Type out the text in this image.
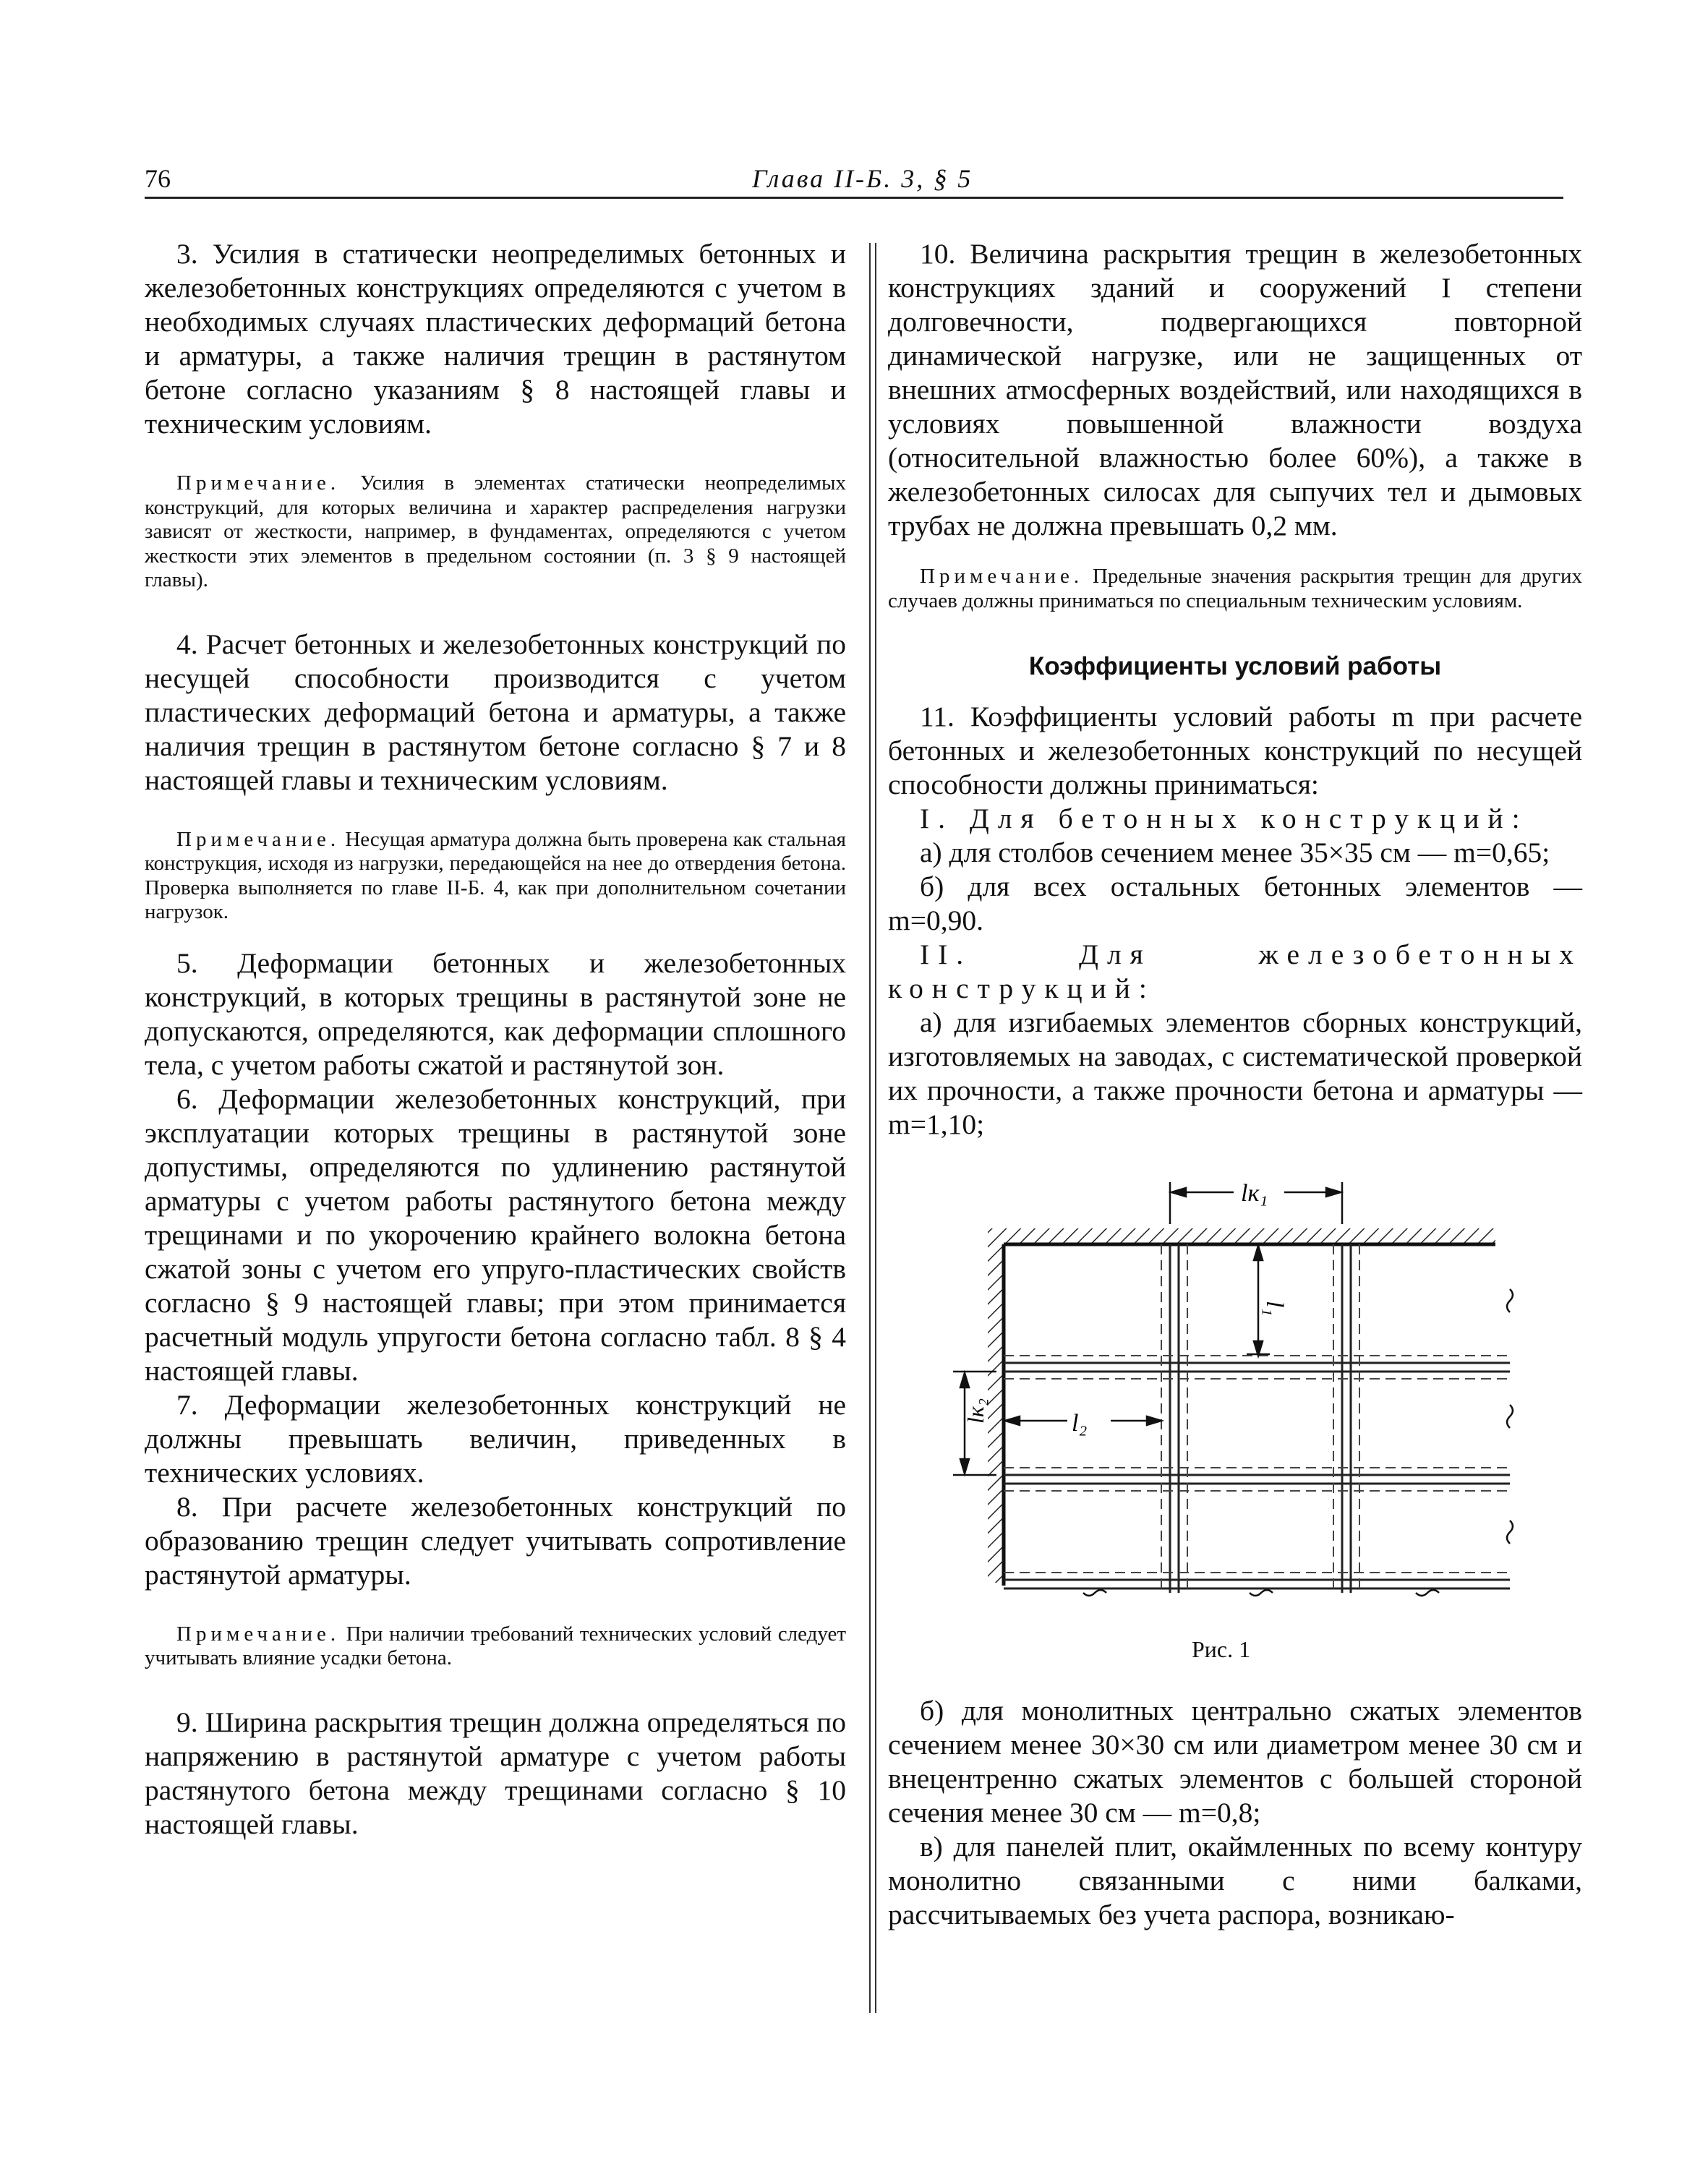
76	Глава II-Б. 3, § 5

3. Усилия в статически неопределимых бетонных и железобетонных конструкциях определяются с учетом в необходимых случаях пластических деформаций бетона и арматуры, а также наличия трещин в растянутом бетоне согласно указаниям § 8 настоящей главы и техническим условиям.

Примечание. Усилия в элементах статически неопределимых конструкций, для которых величина и характер распределения нагрузки зависят от жесткости, например, в фундаментах, определяются с учетом жесткости этих элементов в предельном состоянии (п. 3 § 9 настоящей главы).

4. Расчет бетонных и железобетонных конструкций по несущей способности производится с учетом пластических деформаций бетона и арматуры, а также наличия трещин в растянутом бетоне согласно § 7 и 8 настоящей главы и техническим условиям.

Примечание. Несущая арматура должна быть проверена как стальная конструкция, исходя из нагрузки, передающейся на нее до отвердения бетона. Проверка выполняется по главе II-Б. 4, как при дополнительном сочетании нагрузок.

5. Деформации бетонных и железобетонных конструкций, в которых трещины в растянутой зоне не допускаются, определяются, как деформации сплошного тела, с учетом работы сжатой и растянутой зон.

6. Деформации железобетонных конструкций, при эксплуатации которых трещины в растянутой зоне допустимы, определяются по удлинению растянутой арматуры с учетом работы растянутого бетона между трещинами и по укорочению крайнего волокна бетона сжатой зоны с учетом его упруго-пластических свойств согласно § 9 настоящей главы; при этом принимается расчетный модуль упругости бетона согласно табл. 8 § 4 настоящей главы.

7. Деформации железобетонных конструкций не должны превышать величин, приведенных в технических условиях.

8. При расчете железобетонных конструкций по образованию трещин следует учитывать сопротивление растянутой арматуры.

Примечание. При наличии требований технических условий следует учитывать влияние усадки бетона.

9. Ширина раскрытия трещин должна определяться по напряжению в растянутой арматуре с учетом работы растянутого бетона между трещинами согласно § 10 настоящей главы.

10. Величина раскрытия трещин в железобетонных конструкциях зданий и сооружений I степени долговечности, подвергающихся повторной динамической нагрузке, или не защищенных от внешних атмосферных воздействий, или находящихся в условиях повышенной влажности воздуха (относительной влажностью более 60%), а также в железобетонных силосах для сыпучих тел и дымовых трубах не должна превышать 0,2 мм.

Примечание. Предельные значения раскрытия трещин для других случаев должны приниматься по специальным техническим условиям.

Коэффициенты условий работы

11. Коэффициенты условий работы m при расчете бетонных и железобетонных конструкций по несущей способности должны приниматься:

I. Для бетонных конструкций:

а) для столбов сечением менее 35×35 см — m=0,65;

б) для всех остальных бетонных элементов — m=0,90.

II. Для железобетонных конструкций:

а) для изгибаемых элементов сборных конструкций, изготовляемых на заводах, с систематической проверкой их прочности, а также прочности бетона и арматуры — m=1,10;

lк₁
l₁
lк₂	l₂
Рис. 1

б) для монолитных центрально сжатых элементов сечением менее 30×30 см или диаметром менее 30 см и внецентренно сжатых элементов с большей стороной сечения менее 30 см — m=0,8;

в) для панелей плит, окаймленных по всему контуру монолитно связанными с ними балками, рассчитываемых без учета распора, возникаю-
